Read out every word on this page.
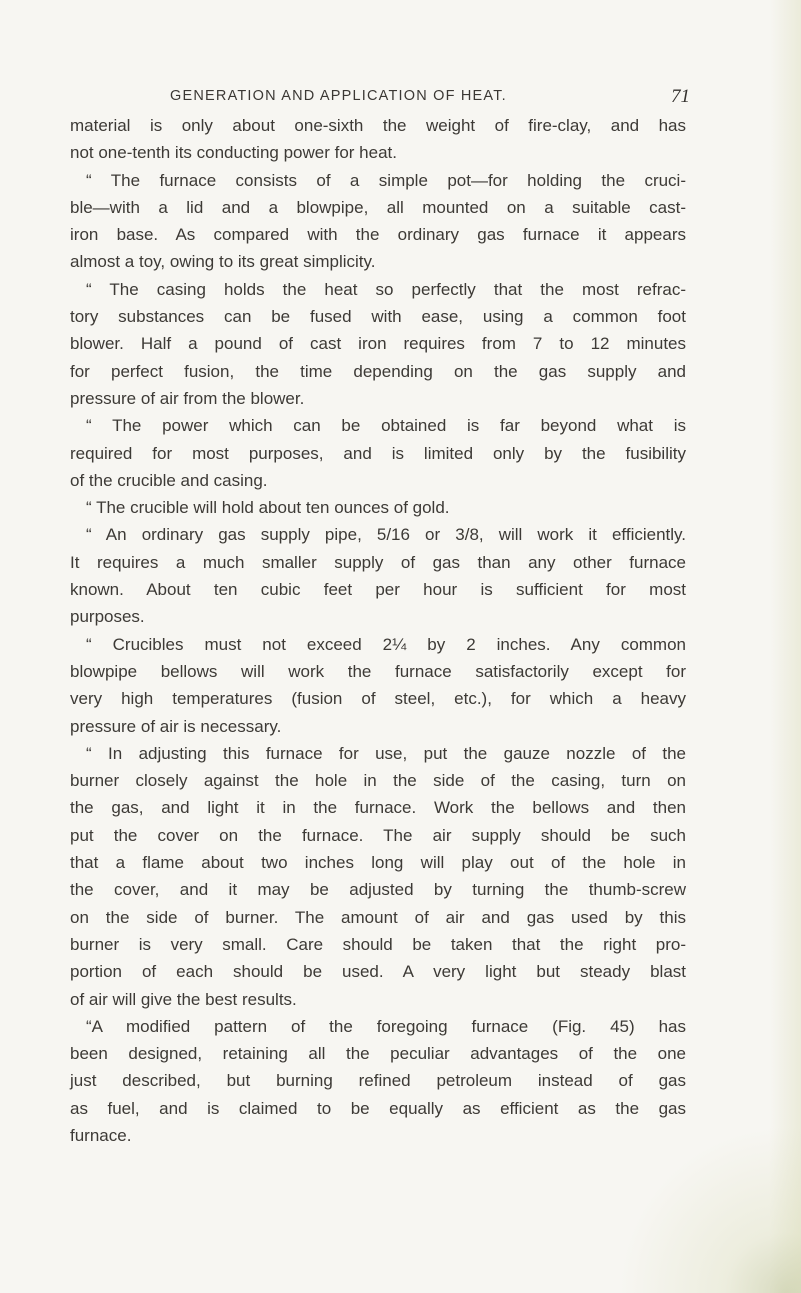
GENERATION AND APPLICATION OF HEAT.	71
material is only about one-sixth the weight of fire-clay, and has
not one-tenth its conducting power for heat.
“ The furnace consists of a simple pot—for holding the cruci-
ble—with a lid and a blowpipe, all mounted on a suitable cast-
iron base. As compared with the ordinary gas furnace it appears
almost a toy, owing to its great simplicity.
“ The casing holds the heat so perfectly that the most refrac-
tory substances can be fused with ease, using a common foot
blower. Half a pound of cast iron requires from 7 to 12 minutes
for perfect fusion, the time depending on the gas supply and
pressure of air from the blower.
“ The power which can be obtained is far beyond what is
required for most purposes, and is limited only by the fusibility
of the crucible and casing.
“ The crucible will hold about ten ounces of gold.
“ An ordinary gas supply pipe, 5/16 or 3/8, will work it efficiently.
It requires a much smaller supply of gas than any other furnace
known. About ten cubic feet per hour is sufficient for most
purposes.
“ Crucibles must not exceed 2¼ by 2 inches. Any common
blowpipe bellows will work the furnace satisfactorily except for
very high temperatures (fusion of steel, etc.), for which a heavy
pressure of air is necessary.
“ In adjusting this furnace for use, put the gauze nozzle of the
burner closely against the hole in the side of the casing, turn on
the gas, and light it in the furnace. Work the bellows and then
put the cover on the furnace. The air supply should be such
that a flame about two inches long will play out of the hole in
the cover, and it may be adjusted by turning the thumb-screw
on the side of burner. The amount of air and gas used by this
burner is very small. Care should be taken that the right pro-
portion of each should be used. A very light but steady blast
of air will give the best results.
“A modified pattern of the foregoing furnace (Fig. 45) has
been designed, retaining all the peculiar advantages of the one
just described, but burning refined petroleum instead of gas
as fuel, and is claimed to be equally as efficient as the gas
furnace.
